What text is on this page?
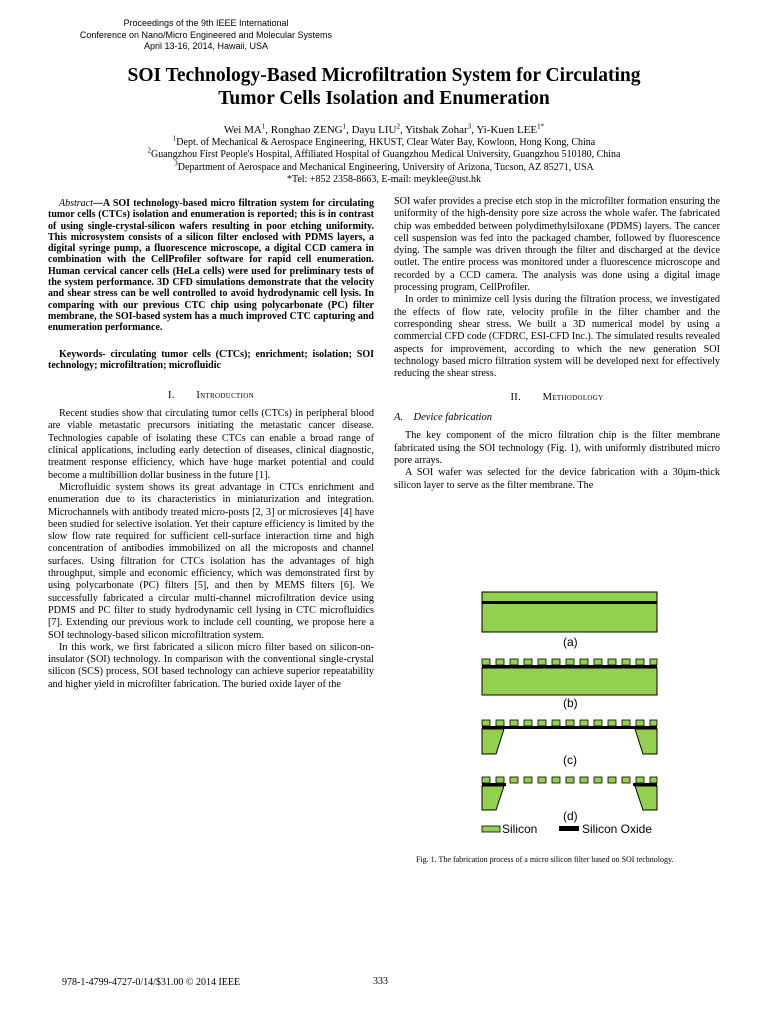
Proceedings of the 9th IEEE International
Conference on Nano/Micro Engineered and Molecular Systems
April 13-16, 2014, Hawaii, USA
SOI Technology-Based Microfiltration System for Circulating
Tumor Cells Isolation and Enumeration
Wei $MA^1$, Ronghao ZENG$^1$, Dayu LIU$^2$, Yitshak Zohar$^3$, Yi-Kuen $LEE^{1*}$
$^1$Dept. of Mechanical & Aerospace Engineering, HKUST, Clear Water Bay, Kowloon, Hong Kong, China
$^2$Guangzhou First People's Hospital, Affiliated Hospital of Guangzhou Medical University, Guangzhou 510180, China
$^3$Department of Aerospace and Mechanical Engineering, University of Arizona, Tucson, AZ 85271, USA
*Tel: +852 2358-8663, E-mail: meyklee@ust.hk
Abstract—A SOI technology-based micro filtration system for circulating tumor cells (CTCs) isolation and enumeration is reported; this is in contrast of using single-crystal-silicon wafers resulting in poor etching uniformity. This microsystem consists of a silicon filter enclosed with PDMS layers, a digital syringe pump, a fluorescence microscope, a digital CCD camera in combination with the CellProfiler software for rapid cell enumeration. Human cervical cancer cells (HeLa cells) were used for preliminary tests of the system performance. 3D CFD simulations demonstrate that the velocity and shear stress can be well controlled to avoid hydrodynamic cell lysis. In comparing with our previous CTC chip using polycarbonate (PC) filter membrane, the SOI-based system has a much improved CTC capturing and enumeration performance.
Keywords- circulating tumor cells (CTCs); enrichment; isolation; SOI technology; microfiltration; microfluidic
I.  Introduction

Recent studies show that circulating tumor cells (CTCs) in peripheral blood are viable metastatic precursors initiating the metastatic cancer disease. Technologies capable of isolating these CTCs can enable a broad range of clinical applications, including early detection of diseases, clinical diagnostic, treatment response efficiency, which have huge market potential and could become a multibillion dollar business in the future [1].

Microfluidic system shows its great advantage in CTCs enrichment and enumeration due to its characteristics in miniaturization and integration. Microchannels with antibody treated micro-posts [2, 3] or microsieves [4] have been studied for selective isolation. Yet their capture efficiency is limited by the slow flow rate required for sufficient cell-surface interaction time and high concentration of antibodies immobilized on all the microposts and channel surfaces. Using filtration for CTCs isolation has the advantages of high throughput, simple and economic efficiency, which was demonstrated first by using polycarbonate (PC) filters [5], and then by MEMS filters [6]. We successfully fabricated a circular multi-channel microfiltration device using PDMS and PC filter to study hydrodynamic cell lysing in CTC microfluidics [7]. Extending our previous work to include cell counting, we propose here a SOI technology-based silicon microfiltration system.

In this work, we first fabricated a silicon micro filter based on silicon-on-insulator (SOI) technology. In comparison with the conventional single-crystal silicon (SCS) process, SOI based technology can achieve superior repeatability and higher yield in microfilter fabrication. The buried oxide layer of the

SOI wafer provides a precise etch stop in the microfilter formation ensuring the uniformity of the high-density pore size across the whole wafer. The fabricated chip was embedded between polydimethylsiloxane (PDMS) layers. The cancer cell suspension was fed into the packaged chamber, followed by fluorescence dying. The sample was driven through the filter and discharged at the device outlet. The entire process was monitored under a fluorescence microscope and recorded by a CCD camera. The analysis was done using a digital image processing program, CellProfiler.

In order to minimize cell lysis during the filtration process, we investigated the effects of flow rate, velocity profile in the filter chamber and the corresponding shear stress. We built a 3D numerical model by using a commercial CFD code (CFDRC, ESI-CFD Inc.). The simulated results revealed aspects for improvement, according to which the new generation SOI technology based micro filtration system will be developed next for effectively reducing the shear stress.

II.  Methodology
A. Device fabrication

The key component of the micro filtration chip is the filter membrane fabricated using the SOI technology (Fig. 1), with uniformly distributed micro pore arrays.

A SOI wafer was selected for the device fabrication with a 30μm-thick silicon layer to serve as the filter membrane. The

(a)
(b)
(c)
(d)
Silicon	Silicon Oxide
Fig. 1. The fabrication process of a micro silicon filter based on SOI technology.
978-1-4799-4727-0/14/$31.00 © 2014 IEEE	333
